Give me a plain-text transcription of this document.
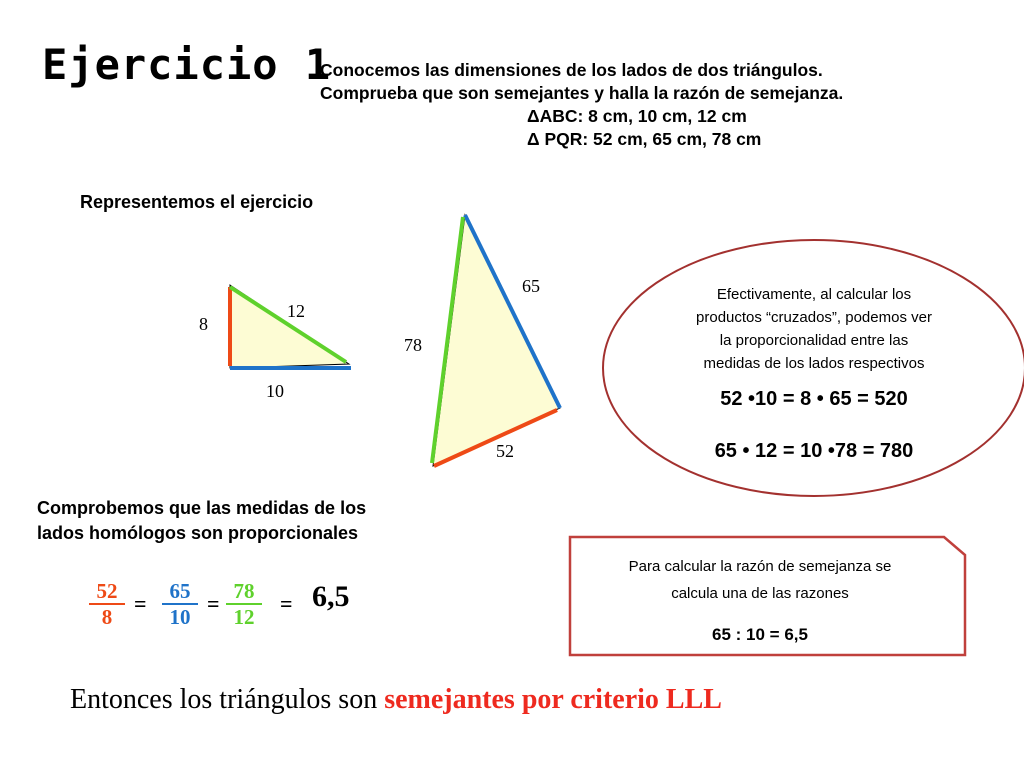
Ejercicio 1
Conocemos las dimensiones de los lados de dos triángulos.
Comprueba que son semejantes y halla la razón de semejanza.
ΔABC: 8 cm, 10 cm, 12 cm
Δ PQR: 52 cm, 65 cm, 78 cm
Representemos el ejercicio
8
12
10
65
78
52
Comprobemos que las medidas de los
lados homólogos son proporcionales
$\frac{52}{8} = \frac{65}{10} = \frac{78}{12} = 6,5$
Efectivamente, al calcular los
productos “cruzados”, podemos ver
la proporcionalidad entre las
medidas de los lados respectivos
52 •10 = 8 • 65 = 520
65 • 12 = 10 •78 = 780
Para calcular la razón de semejanza se
calcula una de las razones
65 : 10 = 6,5
Entonces los triángulos son semejantes por criterio LLL
